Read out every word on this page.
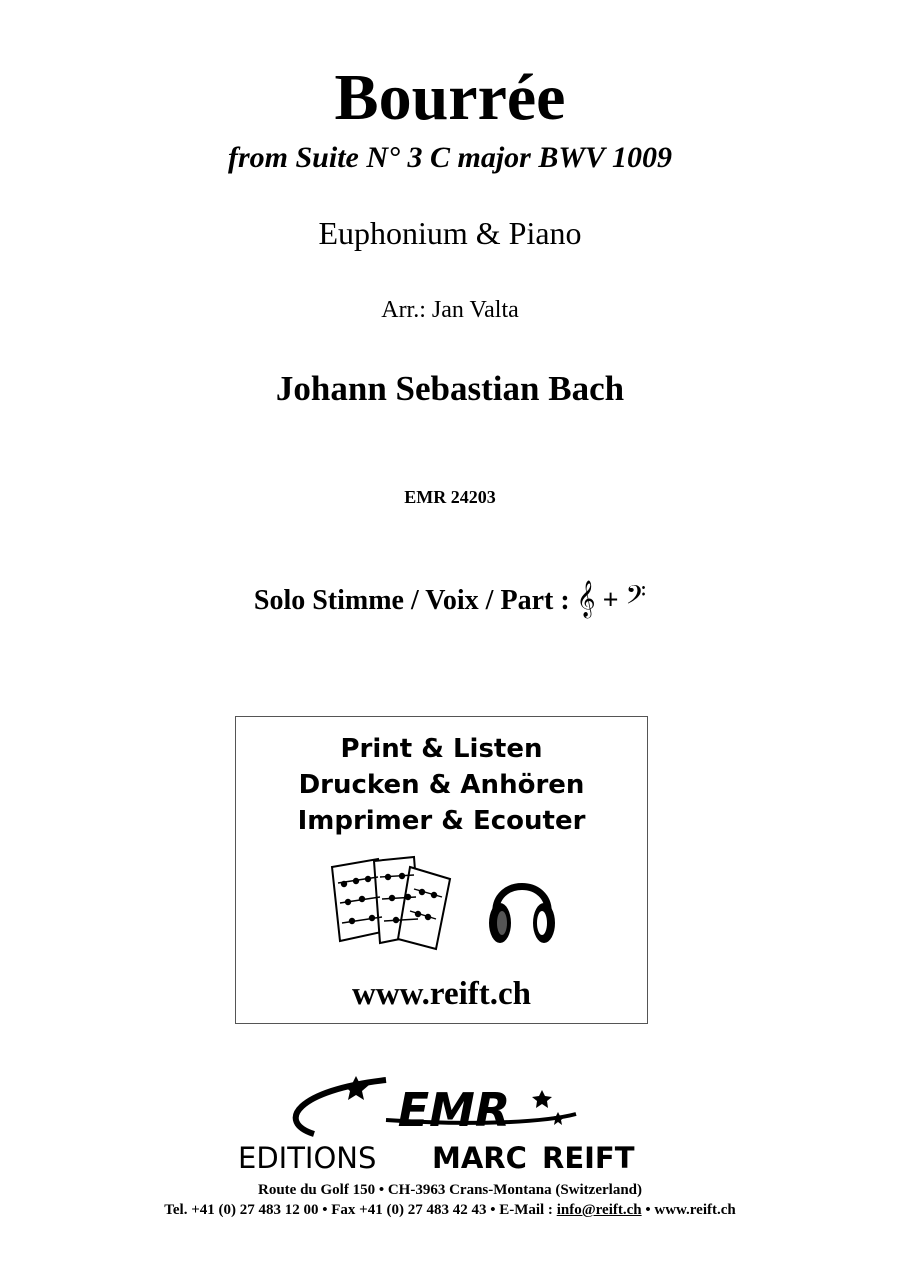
Bourrée
from Suite N° 3 C major BWV 1009
Euphonium & Piano
Arr.: Jan Valta
Johann Sebastian Bach
EMR 24203
Solo Stimme / Voix / Part : 𝄞 + 𝄢
Print & Listen
Drucken & Anhören
Imprimer & Ecouter
www.reift.ch
EMR
EDITIONS MARC REIFT
Route du Golf 150 • CH-3963 Crans-Montana (Switzerland)
Tel. +41 (0) 27 483 12 00 • Fax +41 (0) 27 483 42 43 • E-Mail : info@reift.ch • www.reift.ch
